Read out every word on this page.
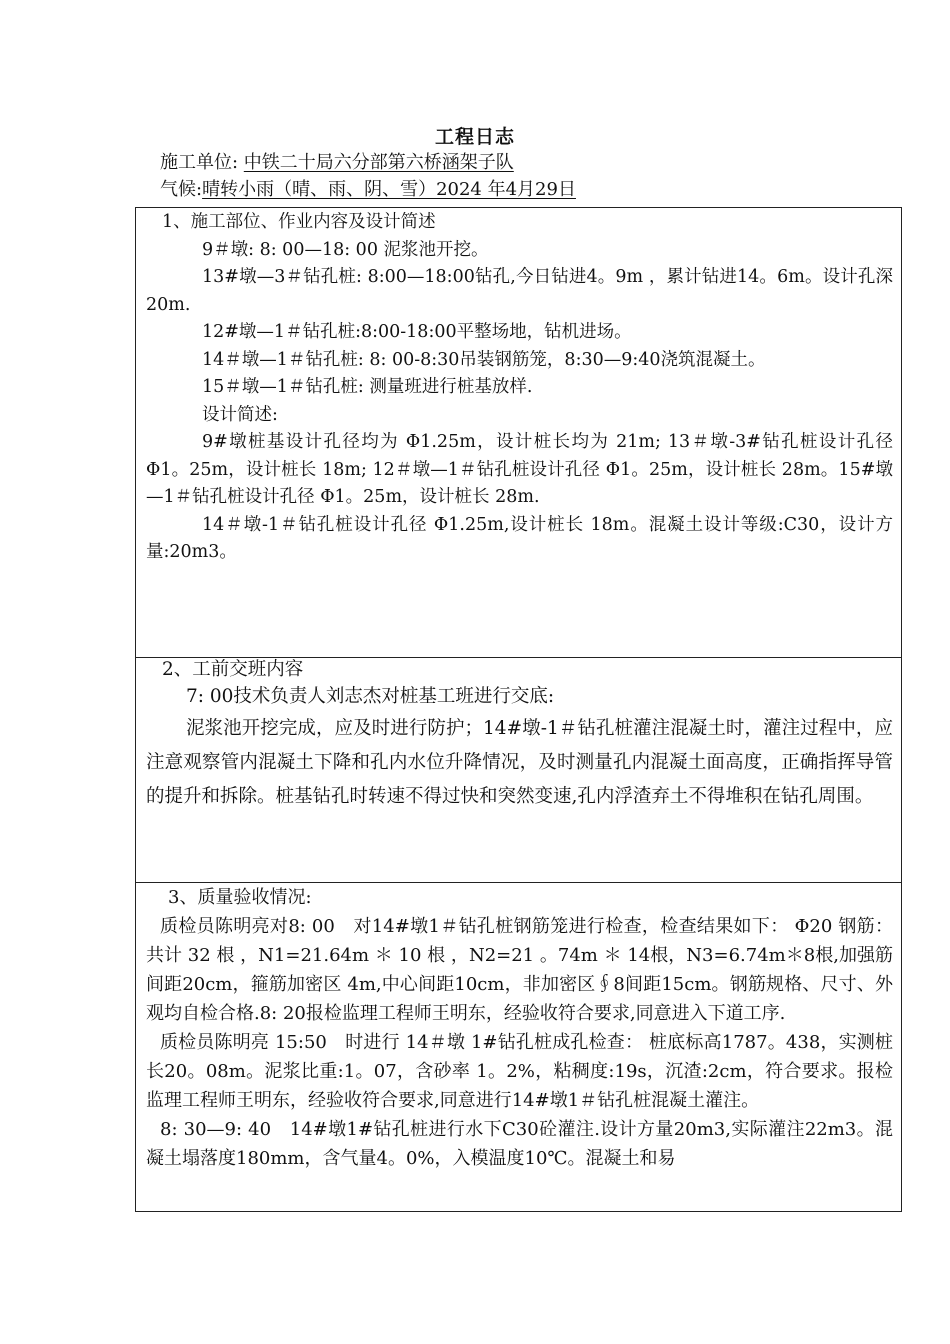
工程日志
施工单位: 中铁二十局六分部第六桥涵架子队
气候:晴转小雨（晴、雨、阴、雪）2024 年4月29日

1、施工部位、作业内容及设计简述

9＃墩: 8: 00—18: 00 泥浆池开挖。

13#墩—3＃钻孔桩: 8:00—18:00钻孔,今日钻进4。9m ，累计钻进14。6m。设计孔深20m.

12#墩—1＃钻孔桩:8:00-18:00平整场地，钻机进场。

14＃墩—1＃钻孔桩: 8: 00-8:30吊装钢筋笼，8:30—9:40浇筑混凝土。

15＃墩—1＃钻孔桩: 测量班进行桩基放样.

设计简述:

9#墩桩基设计孔径均为 Φ1.25m，设计桩长均为 21m; 13＃墩-3#钻孔桩设计孔径 Φ1。25m，设计桩长 18m; 12＃墩—1＃钻孔桩设计孔径 Φ1。25m，设计桩长 28m。15#墩—1＃钻孔桩设计孔径 Φ1。25m，设计桩长 28m.

14＃墩-1＃钻孔桩设计孔径 Φ1.25m,设计桩长 18m。混凝土设计等级:C30，设计方量:20m3。

2、工前交班内容

7: 00技术负责人刘志杰对桩基工班进行交底:

泥浆池开挖完成，应及时进行防护；14#墩-1＃钻孔桩灌注混凝土时，灌注过程中，应注意观察管内混凝土下降和孔内水位升降情况，及时测量孔内混凝土面高度，正确指挥导管的提升和拆除。桩基钻孔时转速不得过快和突然变速,孔内浮渣弃土不得堆积在钻孔周围。

3、质量验收情况:

质检员陈明亮对8: 00　对14#墩1＃钻孔桩钢筋笼进行检查，检查结果如下： Φ20 钢筋： 共计 32 根 ，N1=21.64m ＊ 10 根 ，N2=21 。74m ＊ 14根，N3=6.74m＊8根,加强筋间距20cm，箍筋加密区 4m,中心间距10cm，非加密区∮8间距15cm。钢筋规格、尺寸、外观均自检合格.8: 20报检监理工程师王明东，经验收符合要求,同意进入下道工序.

质检员陈明亮 15:50　时进行 14＃墩 1#钻孔桩成孔检查： 桩底标高1787。438，实测桩长20。08m。泥浆比重:1。07，含砂率 1。2%，粘稠度:19s，沉渣:2cm，符合要求。报检监理工程师王明东，经验收符合要求,同意进行14#墩1＃钻孔桩混凝土灌注。

8: 30—9: 40　14#墩1#钻孔桩进行水下C30砼灌注.设计方量20m3,实际灌注22m3。混凝土塌落度180mm，含气量4。0%，入模温度10℃。混凝土和易
